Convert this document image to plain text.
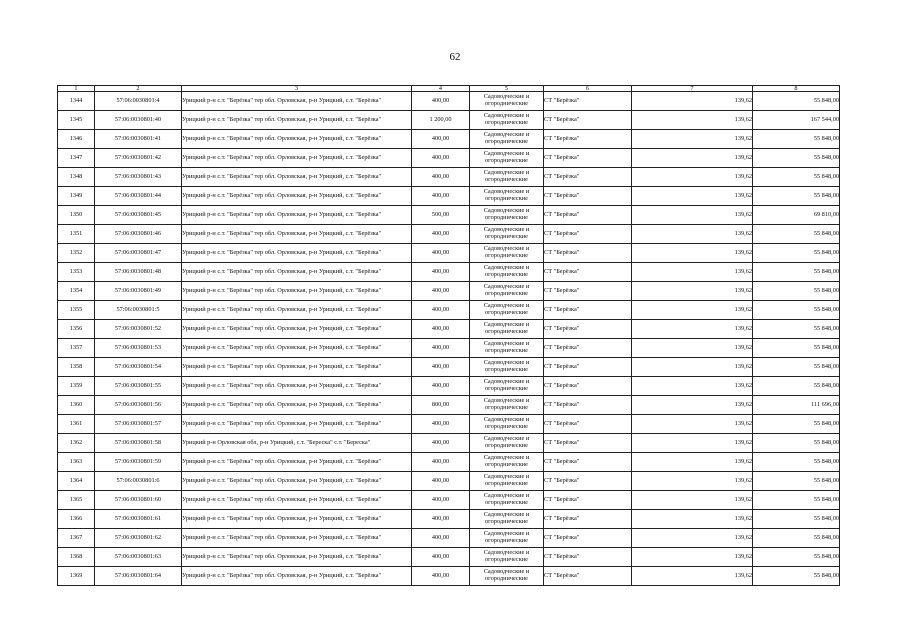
62
1	2	3	4	5	6	7	8
1344	57:06:0030801:4	Урицкий р-н с.т. "Берёзка" тер обл. Орловская, р-н Урицкий, с.т. "Берёзка"	400,00	Садоводческие и огороднические	СТ "Берёзка"	139,62	55 848,00
1345	57:06:0030801:40	Урицкий р-н с.т. "Берёзка" тер обл. Орловская, р-н Урицкий, с.т. "Берёзка"	1 200,00	Садоводческие и огороднические	СТ "Берёзка"	139,62	167 544,00
1346	57:06:0030801:41	Урицкий р-н с.т. "Берёзка" тер обл. Орловская, р-н Урицкий, с.т. "Берёзка"	400,00	Садоводческие и огороднические	СТ "Берёзка"	139,62	55 848,00
1347	57:06:0030801:42	Урицкий р-н с.т. "Берёзка" тер обл. Орловская, р-н Урицкий, с.т. "Берёзка"	400,00	Садоводческие и огороднические	СТ "Берёзка"	139,62	55 848,00
1348	57:06:0030801:43	Урицкий р-н с.т. "Берёзка" тер обл. Орловская, р-н Урицкий, с.т. "Берёзка"	400,00	Садоводческие и огороднические	СТ "Берёзка"	139,62	55 848,00
1349	57:06:0030801:44	Урицкий р-н с.т. "Берёзка" тер обл. Орловская, р-н Урицкий, с.т. "Берёзка"	400,00	Садоводческие и огороднические	СТ "Берёзка"	139,62	55 848,00
1350	57:06:0030801:45	Урицкий р-н с.т. "Берёзка" тер обл. Орловская, р-н Урицкий, с.т. "Берёзка"	500,00	Садоводческие и огороднические	СТ "Берёзка"	139,62	69 810,00
1351	57:06:0030801:46	Урицкий р-н с.т. "Берёзка" тер обл. Орловская, р-н Урицкий, с.т. "Берёзка"	400,00	Садоводческие и огороднические	СТ "Берёзка"	139,62	55 848,00
1352	57:06:0030801:47	Урицкий р-н с.т. "Берёзка" тер обл. Орловская, р-н Урицкий, с.т. "Берёзка"	400,00	Садоводческие и огороднические	СТ "Берёзка"	139,62	55 848,00
1353	57:06:0030801:48	Урицкий р-н с.т. "Берёзка" тер обл. Орловская, р-н Урицкий, с.т. "Берёзка"	400,00	Садоводческие и огороднические	СТ "Берёзка"	139,62	55 848,00
1354	57:06:0030801:49	Урицкий р-н с.т. "Берёзка" тер обл. Орловская, р-н Урицкий, с.т. "Берёзка"	400,00	Садоводческие и огороднические	СТ "Берёзка"	139,62	55 848,00
1355	57:06:0030801:5	Урицкий р-н с.т. "Берёзка" тер обл. Орловская, р-н Урицкий, с.т. "Берёзка"	400,00	Садоводческие и огороднические	СТ "Берёзка"	139,62	55 848,00
1356	57:06:0030801:52	Урицкий р-н с.т. "Берёзка" тер обл. Орловская, р-н Урицкий, с.т. "Берёзка"	400,00	Садоводческие и огороднические	СТ "Берёзка"	139,62	55 848,00
1357	57:06:0030801:53	Урицкий р-н с.т. "Берёзка" тер обл. Орловская, р-н Урицкий, с.т. "Берёзка"	400,00	Садоводческие и огороднические	СТ "Берёзка"	139,62	55 848,00
1358	57:06:0030801:54	Урицкий р-н с.т. "Берёзка" тер обл. Орловская, р-н Урицкий, с.т. "Берёзка"	400,00	Садоводческие и огороднические	СТ "Берёзка"	139,62	55 848,00
1359	57:06:0030801:55	Урицкий р-н с.т. "Берёзка" тер обл. Орловская, р-н Урицкий, с.т. "Берёзка"	400,00	Садоводческие и огороднические	СТ "Берёзка"	139,62	55 848,00
1360	57:06:0030801:56	Урицкий р-н с.т. "Берёзка" тер обл. Орловская, р-н Урицкий, с.т. "Берёзка"	800,00	Садоводческие и огороднические	СТ "Берёзка"	139,62	111 696,00
1361	57:06:0030801:57	Урицкий р-н с.т. "Берёзка" тер обл. Орловская, р-н Урицкий, с.т. "Берёзка"	400,00	Садоводческие и огороднические	СТ "Берёзка"	139,62	55 848,00
1362	57:06:0030801:58	Урицкий р-н Орловская обл, р-н Урицкий, с.т. "Береска" с.т. "Береска"	400,00	Садоводческие и огороднические	СТ "Берёзка"	139,62	55 848,00
1363	57:06:0030801:59	Урицкий р-н с.т. "Берёзка" тер обл. Орловская, р-н Урицкий, с.т. "Берёзка"	400,00	Садоводческие и огороднические	СТ "Берёзка"	139,62	55 848,00
1364	57:06:0030801:6	Урицкий р-н с.т. "Берёзка" тер обл. Орловская, р-н Урицкий, с.т. "Берёзка"	400,00	Садоводческие и огороднические	СТ "Берёзка"	139,62	55 848,00
1365	57:06:0030801:60	Урицкий р-н с.т. "Берёзка" тер обл. Орловская, р-н Урицкий, с.т. "Берёзка"	400,00	Садоводческие и огороднические	СТ "Берёзка"	139,62	55 848,00
1366	57:06:0030801:61	Урицкий р-н с.т. "Берёзка" тер обл. Орловская, р-н Урицкий, с.т. "Берёзка"	400,00	Садоводческие и огороднические	СТ "Берёзка"	139,62	55 848,00
1367	57:06:0030801:62	Урицкий р-н с.т. "Берёзка" тер обл. Орловская, р-н Урицкий, с.т. "Берёзка"	400,00	Садоводческие и огороднические	СТ "Берёзка"	139,62	55 848,00
1368	57:06:0030801:63	Урицкий р-н с.т. "Берёзка" тер обл. Орловская, р-н Урицкий, с.т. "Берёзка"	400,00	Садоводческие и огороднические	СТ "Берёзка"	139,62	55 848,00
1369	57:06:0030801:64	Урицкий р-н с.т. "Берёзка" тер обл. Орловская, р-н Урицкий, с.т. "Берёзка"	400,00	Садоводческие и огороднические	СТ "Берёзка"	139,62	55 848,00
